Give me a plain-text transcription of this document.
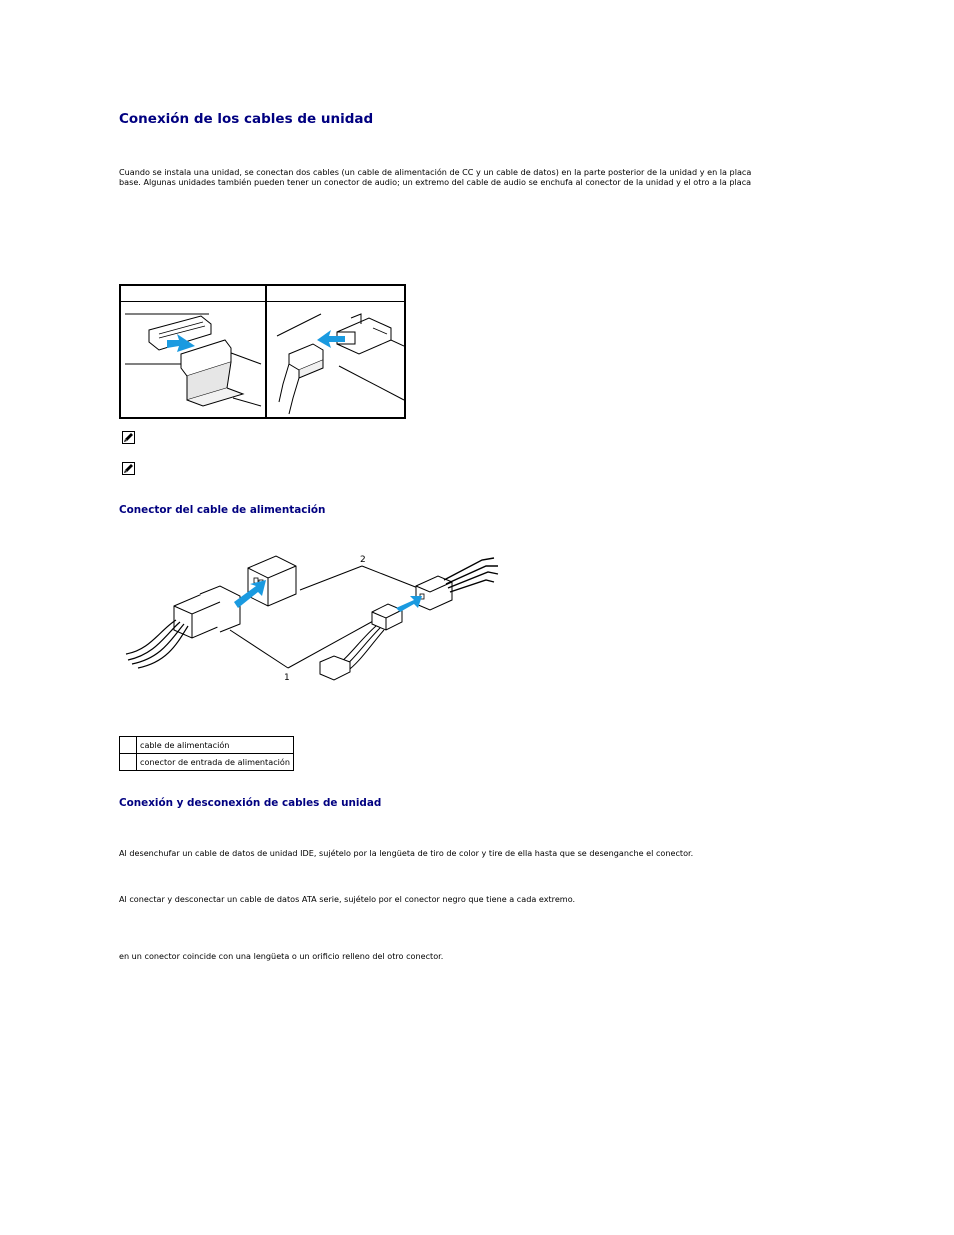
Conexión de los cables de unidad

Cuando se instala una unidad, se conectan dos cables (un cable de alimentación de CC y un cable de datos) en la parte posterior de la unidad y en la placa

base. Algunas unidades también pueden tener un conector de audio; un extremo del cable de audio se enchufa al conector de la unidad y el otro a la placa

Conector del cable de alimentación
2
1
	cable de alimentación
	conector de entrada de alimentación
Conexión y desconexión de cables de unidad

Al desenchufar un cable de datos de unidad IDE, sujételo por la lengüeta de tiro de color y tire de ella hasta que se desenganche el conector.

Al conectar y desconectar un cable de datos ATA serie, sujételo por el conector negro que tiene a cada extremo.

en un conector coincide con una lengüeta o un orificio relleno del otro conector.
